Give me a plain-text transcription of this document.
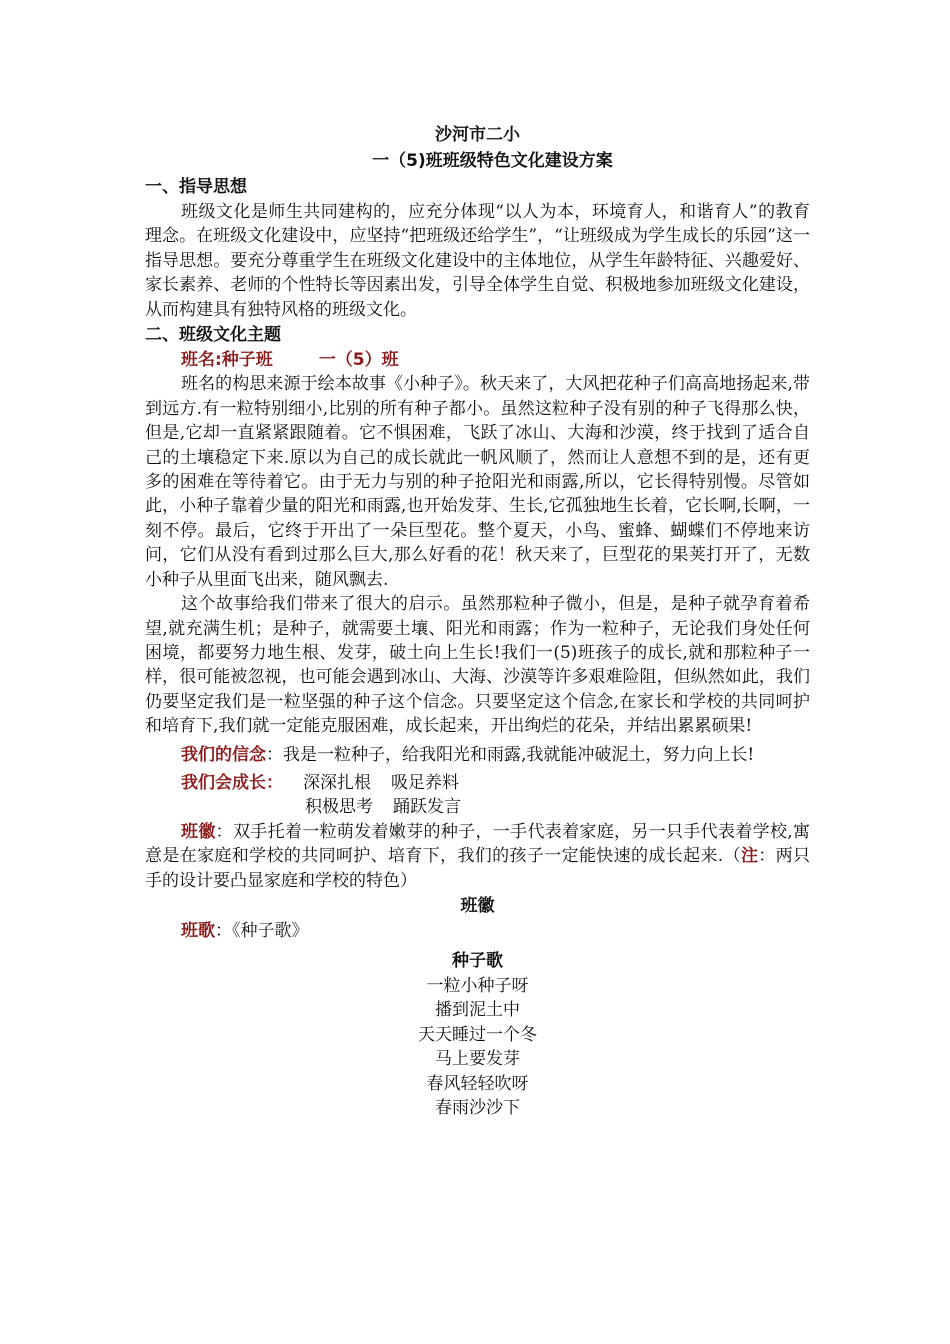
沙河市二小
一（5)班班级特色文化建设方案
一、指导思想
班级文化是师生共同建构的，应充分体现“以人为本，环境育人，和谐育人”的教育理念。在班级文化建设中，应坚持“把班级还给学生”，“让班级成为学生成长的乐园”这一指导思想。要充分尊重学生在班级文化建设中的主体地位，从学生年龄特征、兴趣爱好、家长素养、老师的个性特长等因素出发，引导全体学生自觉、积极地参加班级文化建设，从而构建具有独特风格的班级文化。
二、班级文化主题
班名:种子班	一（5）班
班名的构思来源于绘本故事《小种子》。秋天来了，大风把花种子们高高地扬起来,带到远方.有一粒特别细小,比别的所有种子都小。虽然这粒种子没有别的种子飞得那么快，但是,它却一直紧紧跟随着。它不惧困难，飞跃了冰山、大海和沙漠，终于找到了适合自己的土壤稳定下来.原以为自己的成长就此一帆风顺了，然而让人意想不到的是，还有更多的困难在等待着它。由于无力与别的种子抢阳光和雨露,所以，它长得特别慢。尽管如此，小种子靠着少量的阳光和雨露,也开始发芽、生长,它孤独地生长着，它长啊,长啊，一刻不停。最后，它终于开出了一朵巨型花。整个夏天，小鸟、蜜蜂、蝴蝶们不停地来访问，它们从没有看到过那么巨大,那么好看的花！秋天来了，巨型花的果荚打开了，无数小种子从里面飞出来，随风飘去.
这个故事给我们带来了很大的启示。虽然那粒种子微小，但是，是种子就孕育着希望,就充满生机；是种子，就需要土壤、阳光和雨露；作为一粒种子，无论我们身处任何困境，都要努力地生根、发芽，破土向上生长!我们一(5)班孩子的成长,就和那粒种子一样，很可能被忽视，也可能会遇到冰山、大海、沙漠等许多艰难险阻，但纵然如此，我们仍要坚定我们是一粒坚强的种子这个信念。只要坚定这个信念,在家长和学校的共同呵护和培育下,我们就一定能克服困难，成长起来，开出绚烂的花朵，并结出累累硕果!
我们的信念：我是一粒种子，给我阳光和雨露,我就能冲破泥土，努力向上长!
我们会成长： 深深扎根 吸足养料
积极思考 踊跃发言
班徽：双手托着一粒萌发着嫩芽的种子，一手代表着家庭，另一只手代表着学校,寓意是在家庭和学校的共同呵护、培育下，我们的孩子一定能快速的成长起来.（注：两只手的设计要凸显家庭和学校的特色）
班徽
班歌：《种子歌》
种子歌
一粒小种子呀
播到泥土中
天天睡过一个冬
马上要发芽
春风轻轻吹呀
春雨沙沙下
